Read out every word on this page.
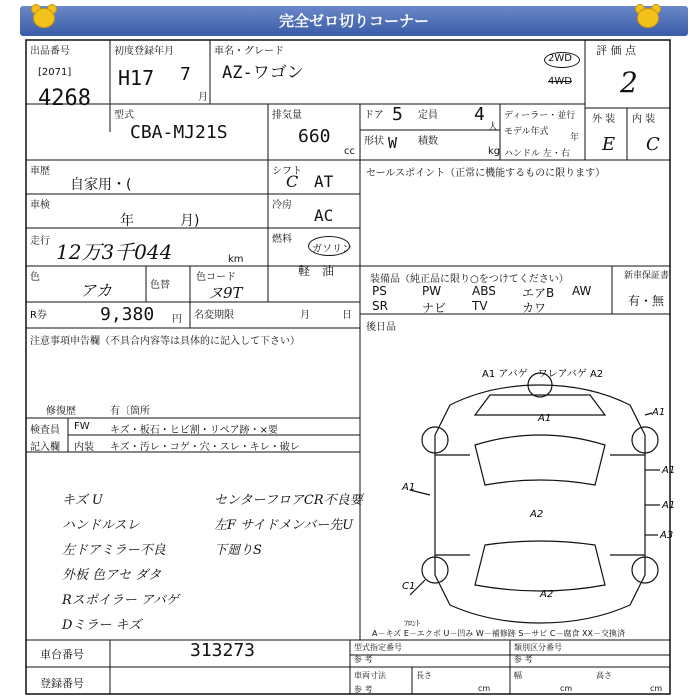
完全ゼロ切りコーナー
出品番号
[2071]
4268
初度登録年月
H17 7
月
車名・グレード
AZ-ワゴン
2WD
4WD
評 価 点
2
型式
CBA-MJ21S
排気量
660
cc
ドア 5 定員 4
人
形状 W 積数
kg
ディーラー・並行
モデル年式
年
ハンドル 左・右
外 装 内 装
E C
車歴
自家用・(
シフト
C AT
車検
年	月)
冷房
AC
走行 12万3千044	km
燃料
ガソリン
軽　油
色
アカ	色替
色コード
ヌ9T
R券	9,380 円 名変期限	月	日
セールスポイント（正常に機能するものに限ります）
装備品（純正品に限り○をつけてください）	新車保証書
有・無
PS	PW	ABS エアB AW
SR	ナビ TV	カワ
後日品
注意事項申告欄（不具合内容等は具体的に記入して下さい）
修復歴	有〔箇所
検査員
記入欄
FW
内装
キズ・板石・ヒビ割・リペア跡・×要
キズ・汚レ・コゲ・穴・スレ・キレ・破レ
キズ U
ハンドルスレ
左ドアミラー不良
外板 色アセ ダタ
Rスポイラー アバゲ
Dミラー キズ
センターフロアCR不良要
左F サイドメンバー先U
下廻りS
A1 アバゲ　ワレアバゲ A2
A1
A1
A1
A1
A3
A2
A1
C1
A2
ﾌﾛﾝﾄ
A－キズ E－エクボ U－凹み W－補修跡 S－サビ C－腐食 XX－交換済
車台番号	313273
登録番号
型式指定番号
参 考
類別区分番号
参 考
車両寸法
参 考
長さ
cm
幅
cm
高さ
cm
